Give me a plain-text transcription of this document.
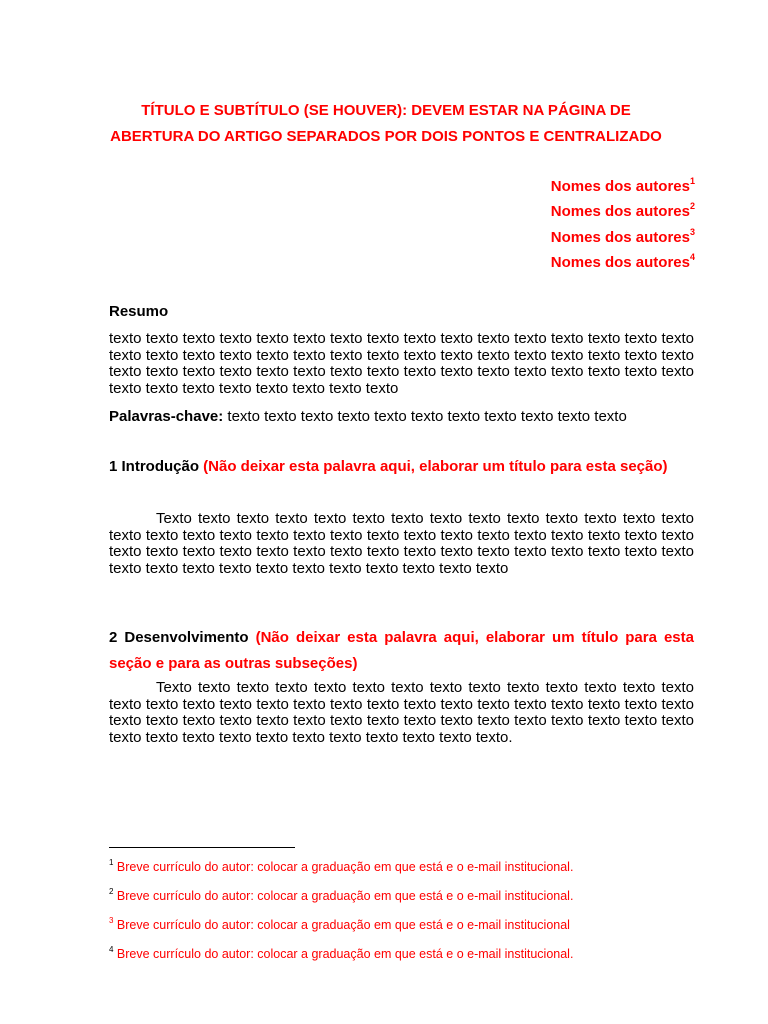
TÍTULO E SUBTÍTULO (SE HOUVER): DEVEM ESTAR NA PÁGINA DE
ABERTURA DO ARTIGO SEPARADOS POR DOIS PONTOS E CENTRALIZADO
Nomes dos autores$^1$
Nomes dos autores$^2$
Nomes dos autores$^3$
Nomes dos autores$^4$
Resumo

texto texto texto texto texto texto texto texto texto texto texto texto texto texto texto texto texto texto texto texto texto texto texto texto texto texto texto texto texto texto texto texto texto texto texto texto texto texto texto texto texto texto texto texto texto texto texto texto texto texto texto texto texto texto texto texto

Palavras-chave: texto texto texto texto texto texto texto texto texto texto texto
1 Introdução (Não deixar esta palavra aqui, elaborar um título para esta seção)

Texto texto texto texto texto texto texto texto texto texto texto texto texto texto texto texto texto texto texto texto texto texto texto texto texto texto texto texto texto texto texto texto texto texto texto texto texto texto texto texto texto texto texto texto texto texto texto texto texto texto texto texto texto texto texto texto texto

2 Desenvolvimento (Não deixar esta palavra aqui, elaborar um título para esta seção e para as outras subseções)

Texto texto texto texto texto texto texto texto texto texto texto texto texto texto texto texto texto texto texto texto texto texto texto texto texto texto texto texto texto texto texto texto texto texto texto texto texto texto texto texto texto texto texto texto texto texto texto texto texto texto texto texto texto texto texto texto texto.

$^1$ Breve currículo do autor: colocar a graduação em que está e o e-mail institucional.
$^2$ Breve currículo do autor: colocar a graduação em que está e o e-mail institucional.
$^3$ Breve currículo do autor: colocar a graduação em que está e o e-mail institucional
$^4$ Breve currículo do autor: colocar a graduação em que está e o e-mail institucional.
